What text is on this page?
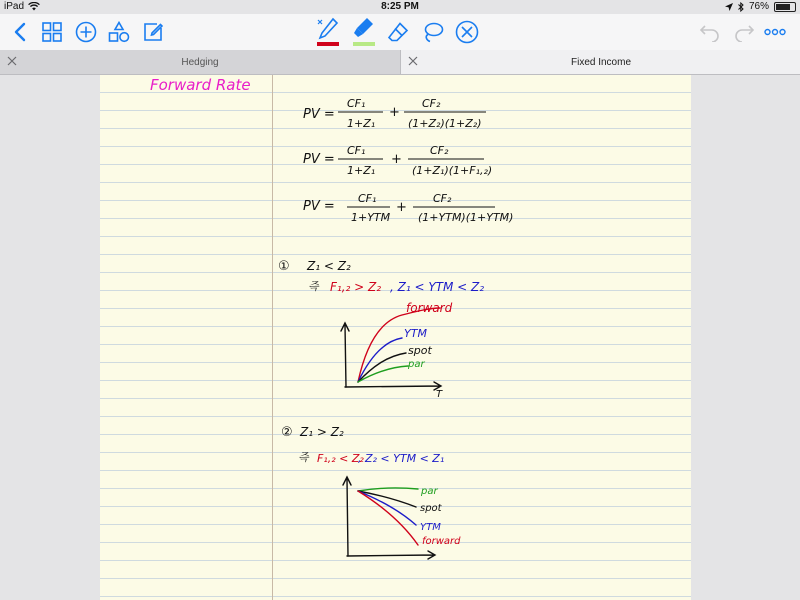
iPad	8:25 PM	76%
Hedging	Fixed Income
Forward Rate
PV =
CF₁
1+Z₁
+
CF₂
(1+Z₂)(1+Z₂)
PV =
CF₁
1+Z₁
+
CF₂
(1+Z₁)(1+F₁,₂)
PV =
CF₁
1+YTM
+
CF₂
(1+YTM)(1+YTM)
① Z₁ < Z₂
즉 F₁,₂ > Z₂ , Z₁ < YTM < Z₂
T
forward
YTM
spot
par
② Z₁ > Z₂
즉 F₁,₂ < Z₂
, Z₂ < YTM < Z₁
par
spot
YTM
forward
